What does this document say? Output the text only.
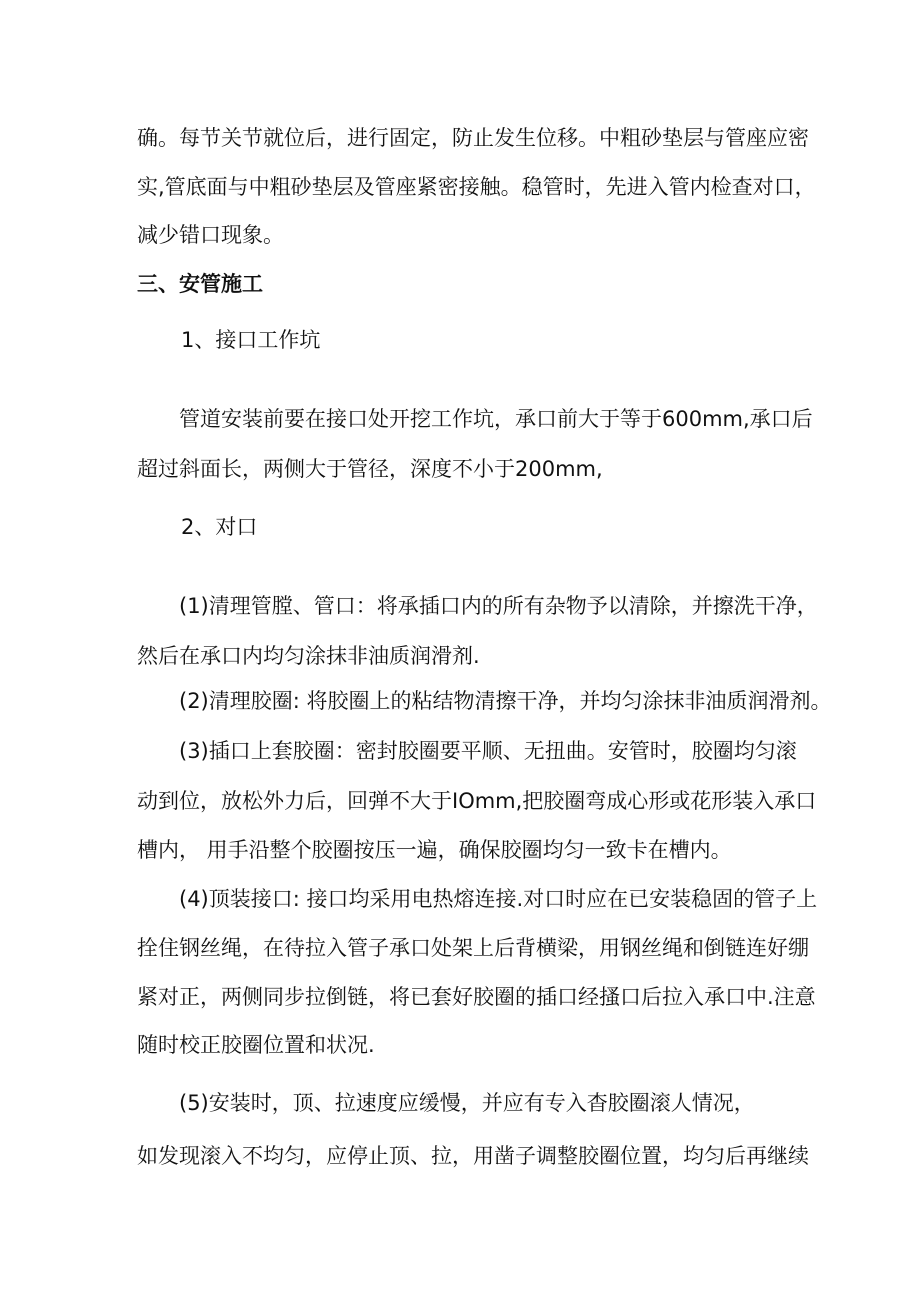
确。每节关节就位后，进行固定，防止发生位移。中粗砂垫层与管座应密
实,管底面与中粗砂垫层及管座紧密接触。稳管时，先进入管内检查对口，
减少错口现象。
三、安管施工
1、接口工作坑
管道安装前要在接口处开挖工作坑，承口前大于等于600mm,承口后
超过斜面长，两侧大于管径，深度不小于200mm,
2、对口
(1)清理管膛、管口：将承插口内的所有杂物予以清除，并擦洗干净，
然后在承口内均匀涂抹非油质润滑剂.
(2)清理胶圈: 将胶圈上的粘结物清擦干净，并均匀涂抹非油质润滑剂。
(3)插口上套胶圈：密封胶圈要平顺、无扭曲。安管时，胶圈均匀滚
动到位，放松外力后，回弹不大于IOmm,把胶圈弯成心形或花形装入承口
槽内， 用手沿整个胶圈按压一遍，确保胶圈均匀一致卡在槽内。
(4)顶装接口: 接口均采用电热熔连接.对口时应在已安装稳固的管子上
拴住钢丝绳，在待拉入管子承口处架上后背横梁，用钢丝绳和倒链连好绷
紧对正，两侧同步拉倒链，将已套好胶圈的插口经搔口后拉入承口中.注意
随时校正胶圈位置和状况.
(5)安装时，顶、拉速度应缓慢，并应有专入杳胶圈滚人情况，
如发现滚入不均匀，应停止顶、拉，用凿子调整胶圈位置，均匀后再继续
